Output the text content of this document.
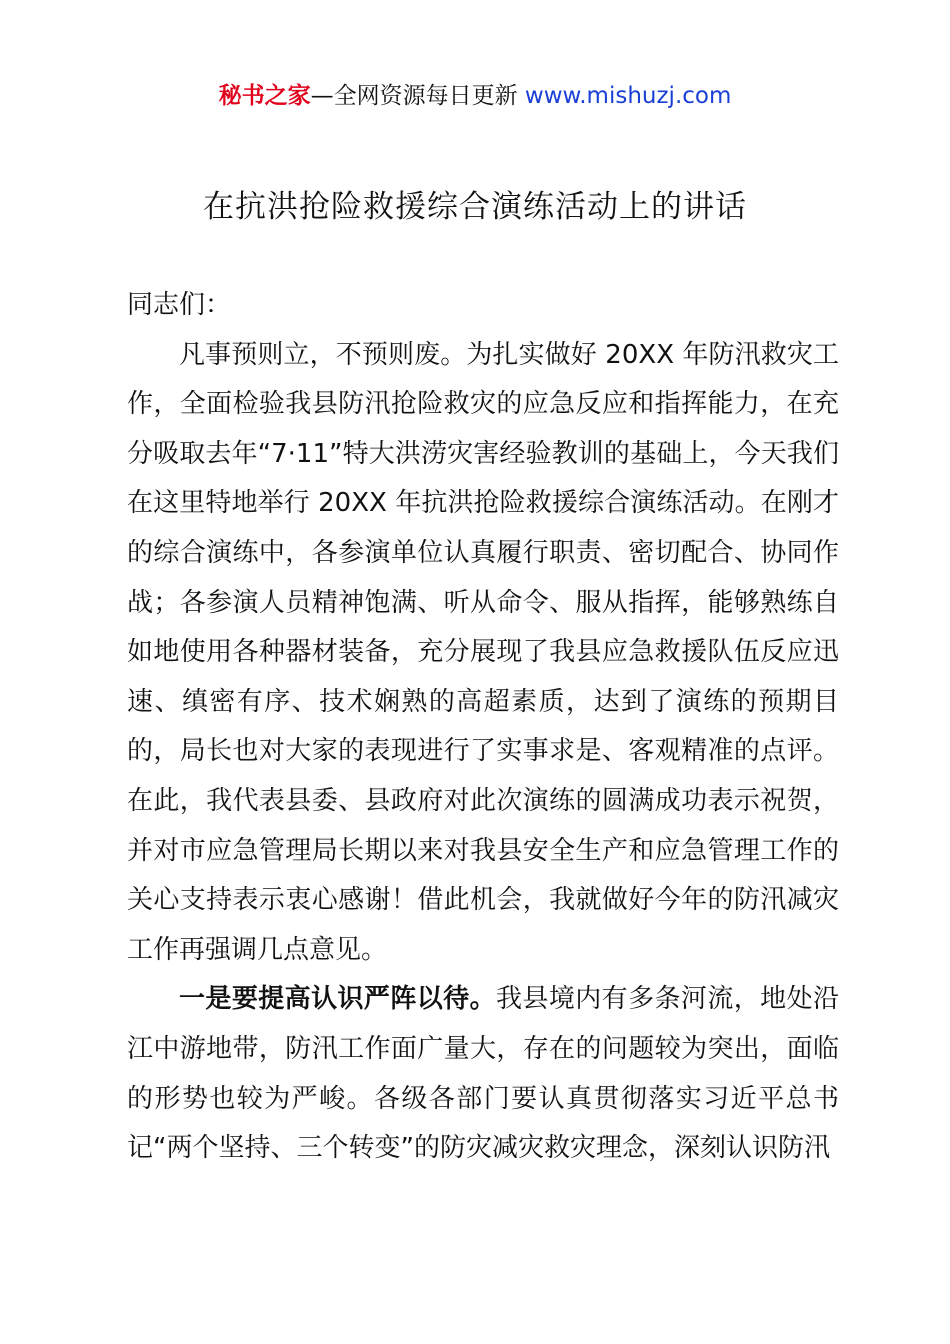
秘书之家—全网资源每日更新 www.mishuzj.com
在抗洪抢险救援综合演练活动上的讲话

同志们：

凡事预则立，不预则废。为扎实做好 20XX 年防汛救灾工作，全面检验我县防汛抢险救灾的应急反应和指挥能力，在充分吸取去年“7·11”特大洪涝灾害经验教训的基础上，今天我们在这里特地举行 20XX 年抗洪抢险救援综合演练活动。在刚才的综合演练中，各参演单位认真履行职责、密切配合、协同作战；各参演人员精神饱满、听从命令、服从指挥，能够熟练自如地使用各种器材装备，充分展现了我县应急救援队伍反应迅速、缜密有序、技术娴熟的高超素质，达到了演练的预期目的，局长也对大家的表现进行了实事求是、客观精准的点评。在此，我代表县委、县政府对此次演练的圆满成功表示祝贺，并对市应急管理局长期以来对我县安全生产和应急管理工作的关心支持表示衷心感谢！借此机会，我就做好今年的防汛减灾工作再强调几点意见。

一是要提高认识严阵以待。我县境内有多条河流，地处沿江中游地带，防汛工作面广量大，存在的问题较为突出，面临的形势也较为严峻。各级各部门要认真贯彻落实习近平总书记“两个坚持、三个转变”的防灾减灾救灾理念，深刻认识防汛
